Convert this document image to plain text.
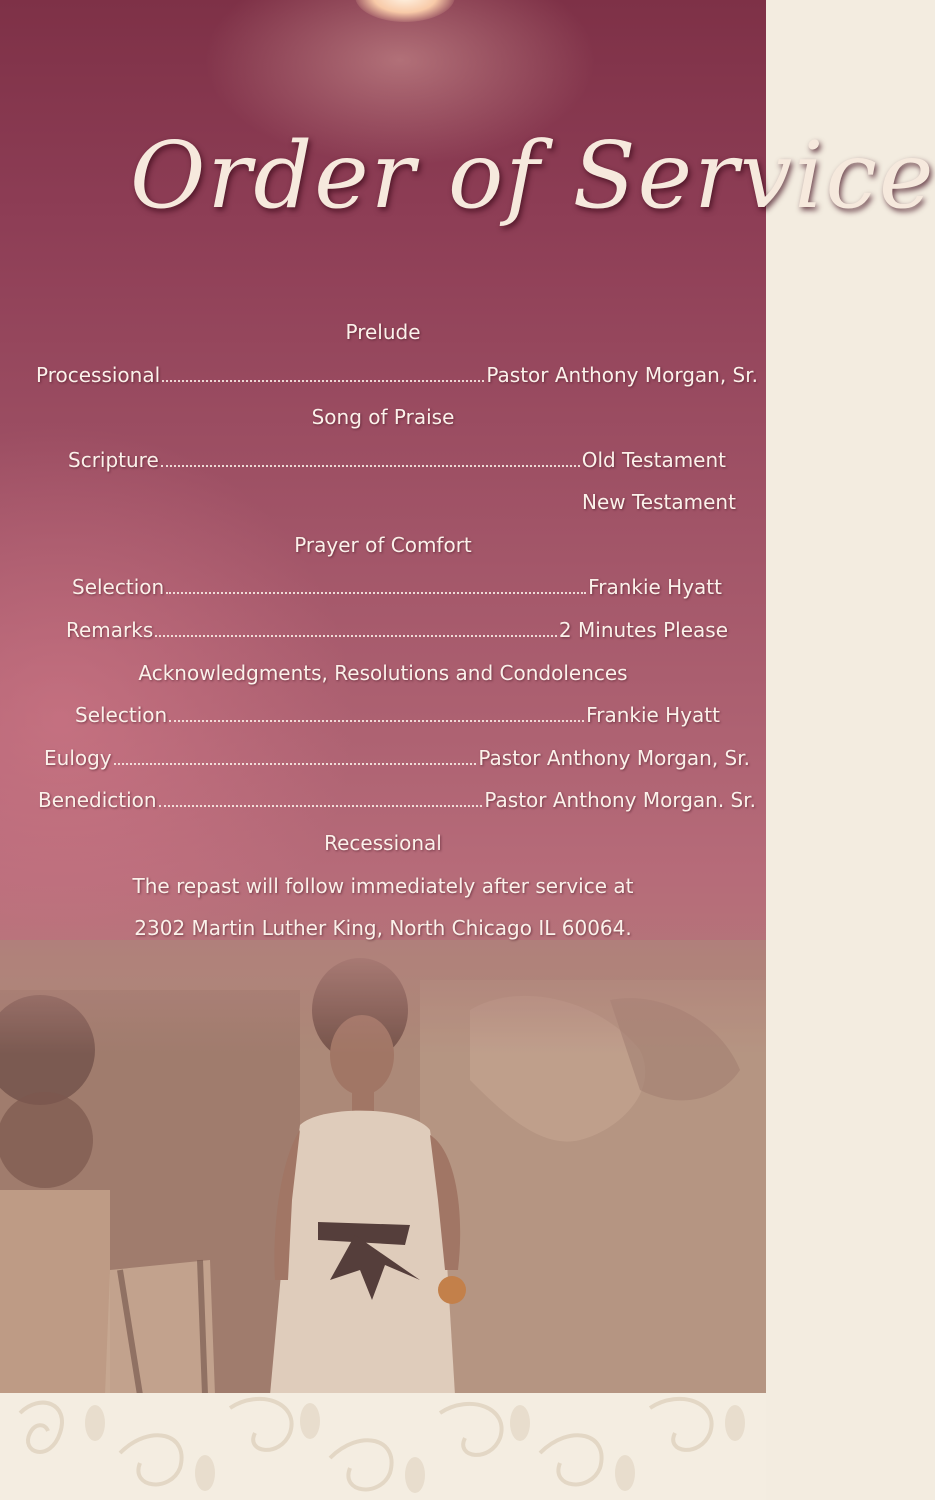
Order of Service
Prelude
Processional	Pastor Anthony Morgan, Sr.
Song of Praise
Scripture	Old Testament
New Testament
Prayer of Comfort
Selection	Frankie Hyatt
Remarks	2 Minutes Please
Acknowledgments, Resolutions and Condolences
Selection	Frankie Hyatt
Eulogy	Pastor Anthony Morgan, Sr.
Benediction	Pastor Anthony Morgan. Sr.
Recessional
The repast will follow immediately after service at
2302 Martin Luther King, North Chicago IL 60064.
